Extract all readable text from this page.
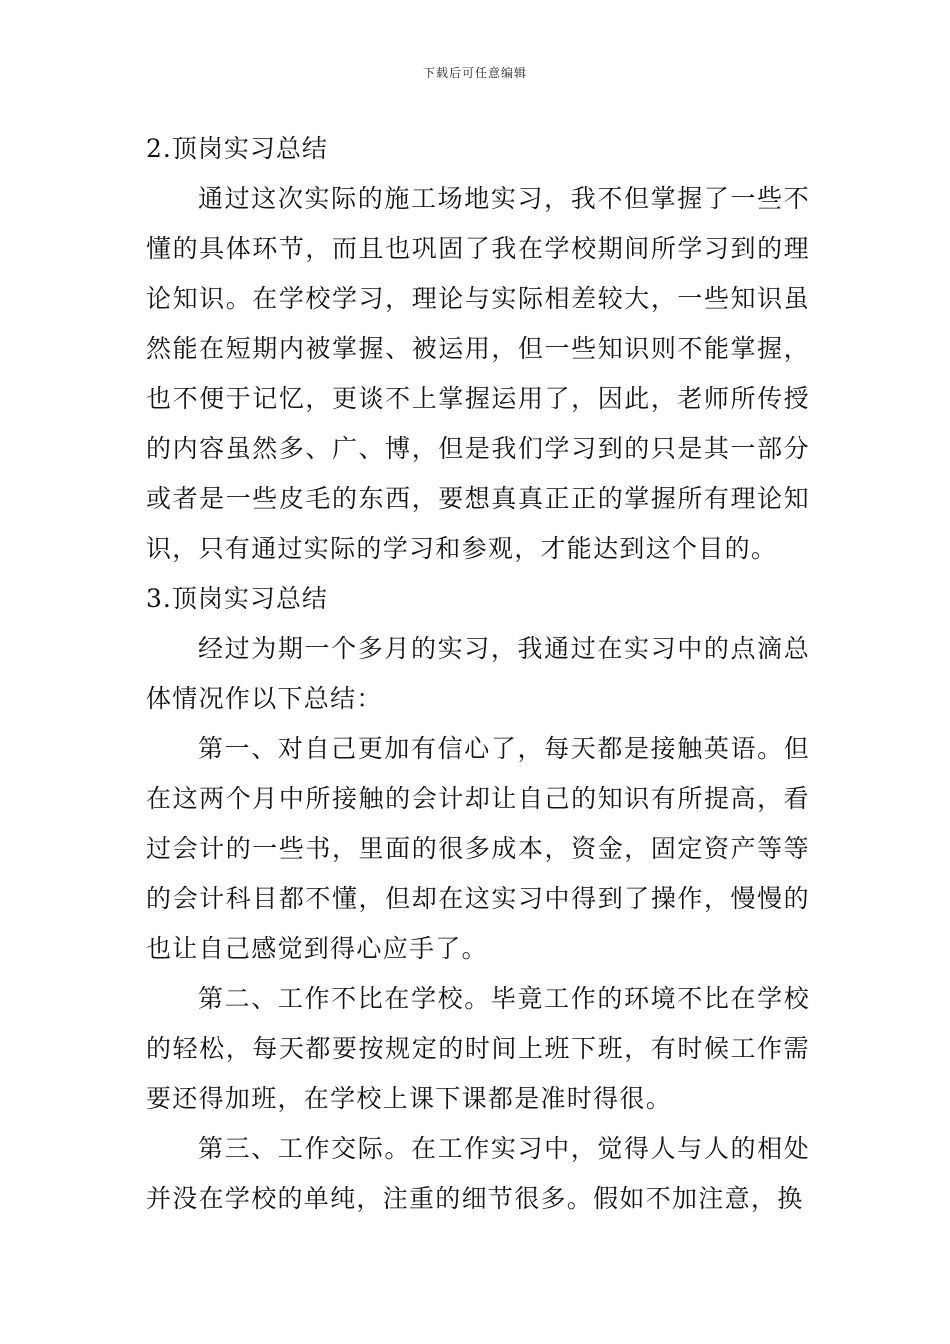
下载后可任意编辑
2.顶岗实习总结

通过这次实际的施工场地实习，我不但掌握了一些不懂的具体环节，而且也巩固了我在学校期间所学习到的理论知识。在学校学习，理论与实际相差较大，一些知识虽然能在短期内被掌握、被运用，但一些知识则不能掌握，也不便于记忆，更谈不上掌握运用了，因此，老师所传授的内容虽然多、广、博，但是我们学习到的只是其一部分或者是一些皮毛的东西，要想真真正正的掌握所有理论知识，只有通过实际的学习和参观，才能达到这个目的。

3.顶岗实习总结

经过为期一个多月的实习，我通过在实习中的点滴总体情况作以下总结：

第一、对自己更加有信心了，每天都是接触英语。但在这两个月中所接触的会计却让自己的知识有所提高，看过会计的一些书，里面的很多成本，资金，固定资产等等的会计科目都不懂，但却在这实习中得到了操作，慢慢的也让自己感觉到得心应手了。

第二、工作不比在学校。毕竟工作的环境不比在学校的轻松，每天都要按规定的时间上班下班，有时候工作需要还得加班，在学校上课下课都是准时得很。

第三、工作交际。在工作实习中，觉得人与人的相处并没在学校的单纯，注重的细节很多。假如不加注意，换
